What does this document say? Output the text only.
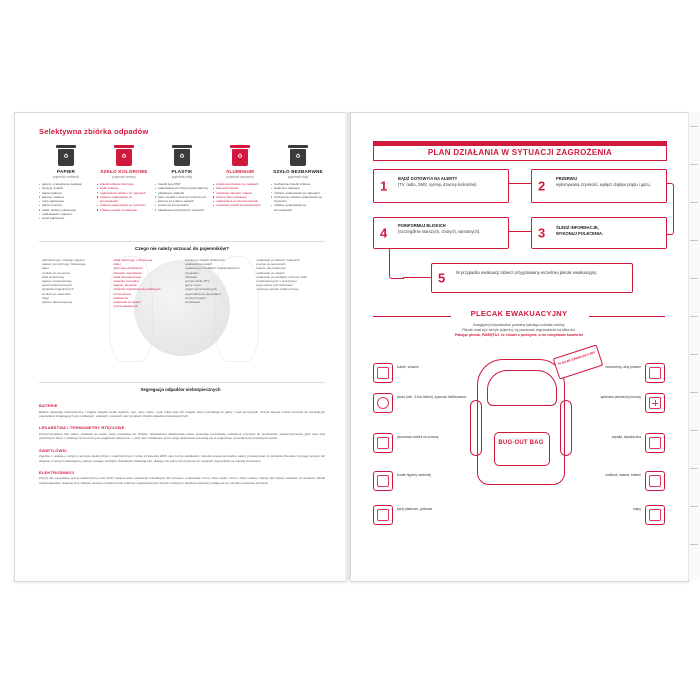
Selektywna zbiórka odpadów
♻
PAPIER
pojemnik niebieski
gazety, czasopisma, katalogi
zeszyty, książki
papier pakowy
kartony i tektura
torby papierowe
papier biurowy
ulotki, foldery reklamowe
opakowania z papieru
worki papierowe
♻
SZKŁO KOLOROWE
pojemnik zielony
butelki szklane kolorowe
słoiki szklane
opakowania szklane po napojach
szklane opakowania po kosmetykach
szklane opakowania po żywności
szklane butelki po alkoholu
♻
PLASTIK
pojemnik żółty
butelki typu PET
opakowania po chemii gospodarczej
plastikowe zakrętki
folie i torebki z tworzyw sztucznych
kartony po mleku i sokach
puszki po konserwach
plastikowe koszyczki po owocach
♻
ALUMINIUM
pojemnik czerwony
puszki aluminiowe po napojach
folia aluminiowa
metalowe zakrętki i kapsle
drobny złom metalowy
opakowania po dezodorantach
metalowe puszki po konserwach
♻
SZKŁO BEZBARWNE
pojemnik biały
bezbarwne butelki szklane
słoiki bez nakrętek
szklane opakowania po napojach
bezbarwne szklane opakowania po żywności
szklane opakowania po kosmetykach
Czego nie należy wrzucać do pojemników?
zabrudzonego i tłustego papieru
papieru termicznego i faksowego
tapet
worków po cemencie
kalki technicznej
papieru woskowanego
pieluch jednorazowych
artykułów higienicznych
worków po nawozach
zdjęć
papieru lakierowanego
szkła okiennego i zbrojonego
luster
szyb samochodowych
żarówek i świetlówek
szkła żaroodpornego
ceramiki, porcelany
fajansu, doniczek
szklanek i kieliszków kryształowych
termometrów
reflektorów
opakowań po lekach
szyb budowlanych
butelek po olejach silnikowych
opakowań po lekach
opakowań po środkach chwastobójczych
styropianu
zabawek
sprzętu AGD, RTV
gumy i opon
części samochodowych
pojemników po aerozolach
zużytych baterii
strzykawek
opakowań po farbach i lakierach
puszek po aerozolach
baterii i akumulatorów
opakowań po olejach
opakowań po środkach ochrony roślin
metali łączonych z tworzywem
pojemników pod ciśnieniem
zużytego sprzętu elektrycznego
Segregacja odpadów niebezpiecznych
BATERIE

Baterie zawierają niebezpieczne i trujące związki metali ciężkich: rtęć, ołów, kadm, cynk, nikiel oraz ich związki, które przenikają do gleby i wód gruntowych. Zużyte baterie można wrzucać do specjalnych pojemników znajdujących się w sklepach, szkołach, urzędach oraz punktach zbiórki odpadów niebezpiecznych.

LEKARSTWA I TERMOMETRY RTĘCIOWE

Przeterminowane leki należy oddawać do aptek, które prowadzą ich zbiórkę. Niewłaściwe składowanie leków powoduje przenikanie substancji czynnych do środowiska, zanieczyszczenie gleb oraz wód gruntowych. Rtęć z rozbitego termometru jest wyjątkowo toksyczna — pary rtęci wchłaniane przez drogi oddechowe kumulują się w organizmie i prowadzą do poważnych zatruć.

ŚWIETLÓWKI

Zgodnie z ustawą o zużytym sprzęcie elektrycznym i elektronicznym z dnia 14 kwietnia 2005 roku zużyte świetlówki i żarówki energooszczędne należy przekazywać do punktów zbierania zużytego sprzętu lub sklepów, w których dokonujemy zakupu nowego produktu. Świetlówki zawierają rtęć, dlatego nie wolno ich wyrzucać do zwykłych pojemników na odpady zmieszane.

ELEKTROŚMIECI

Zużyty lub niesprawny sprzęt elektroniczny oraz AGD zawiera wiele substancji szkodliwych dla zdrowia i środowiska: freon, ołów, kadm, chrom, nikiel, azbest. Sprzęt taki należy oddawać do punktów zbiórki elektroodpadów, sklepów przy zakupie nowego urządzenia lub podczas organizowanych zbiórek mobilnych. Niektóre elementy nadają się do odzysku surowców wtórnych.

PLAN DZIAŁANIA W SYTUACJI ZAGROŻENIA
1	BĄDŹ GOTOWY/A NA ALERTY
(TV, radio, SMS, syreny, dzwony kościelne)	2	PRZERWIJ
wykonywaną czynność, wyłącz dopływ prądu i gazu.
3	ŚLEDŹ INFORMACJE,
WYKONUJ POLECENIA.
4	POINFORMUJ BLISKICH
(szczególnie starszych, chorych, samotnych).
5	W przypadku ewakuacji zabierz przygotowany wcześniej plecak ewakuacyjny.
PLECAK EWAKUACYJNY
Uwzględnij indywidualne potrzeby każdego członka rodziny.
Plecak musi być na tyle pojemny, by pomieścić wyposażenie na kilka dni.
Pakując plecak, PAMIĘTAJ, że chodzi o przeżycie, a nie utrzymanie komfortu!
BUG-OUT BAG
PLECAK EWAKUACYJNY
kubek, sztućce
woda (min. 3 l/os./dzień), żywność liofilizowana
sezonowa odzież na zmianę
środki higieny osobistej
karty płatnicze, gotówka
dokumenty, akty prawne
apteczka pierwszej pomocy
zapałki, zapalniczka
multitool, latarka, baterie
mapy
